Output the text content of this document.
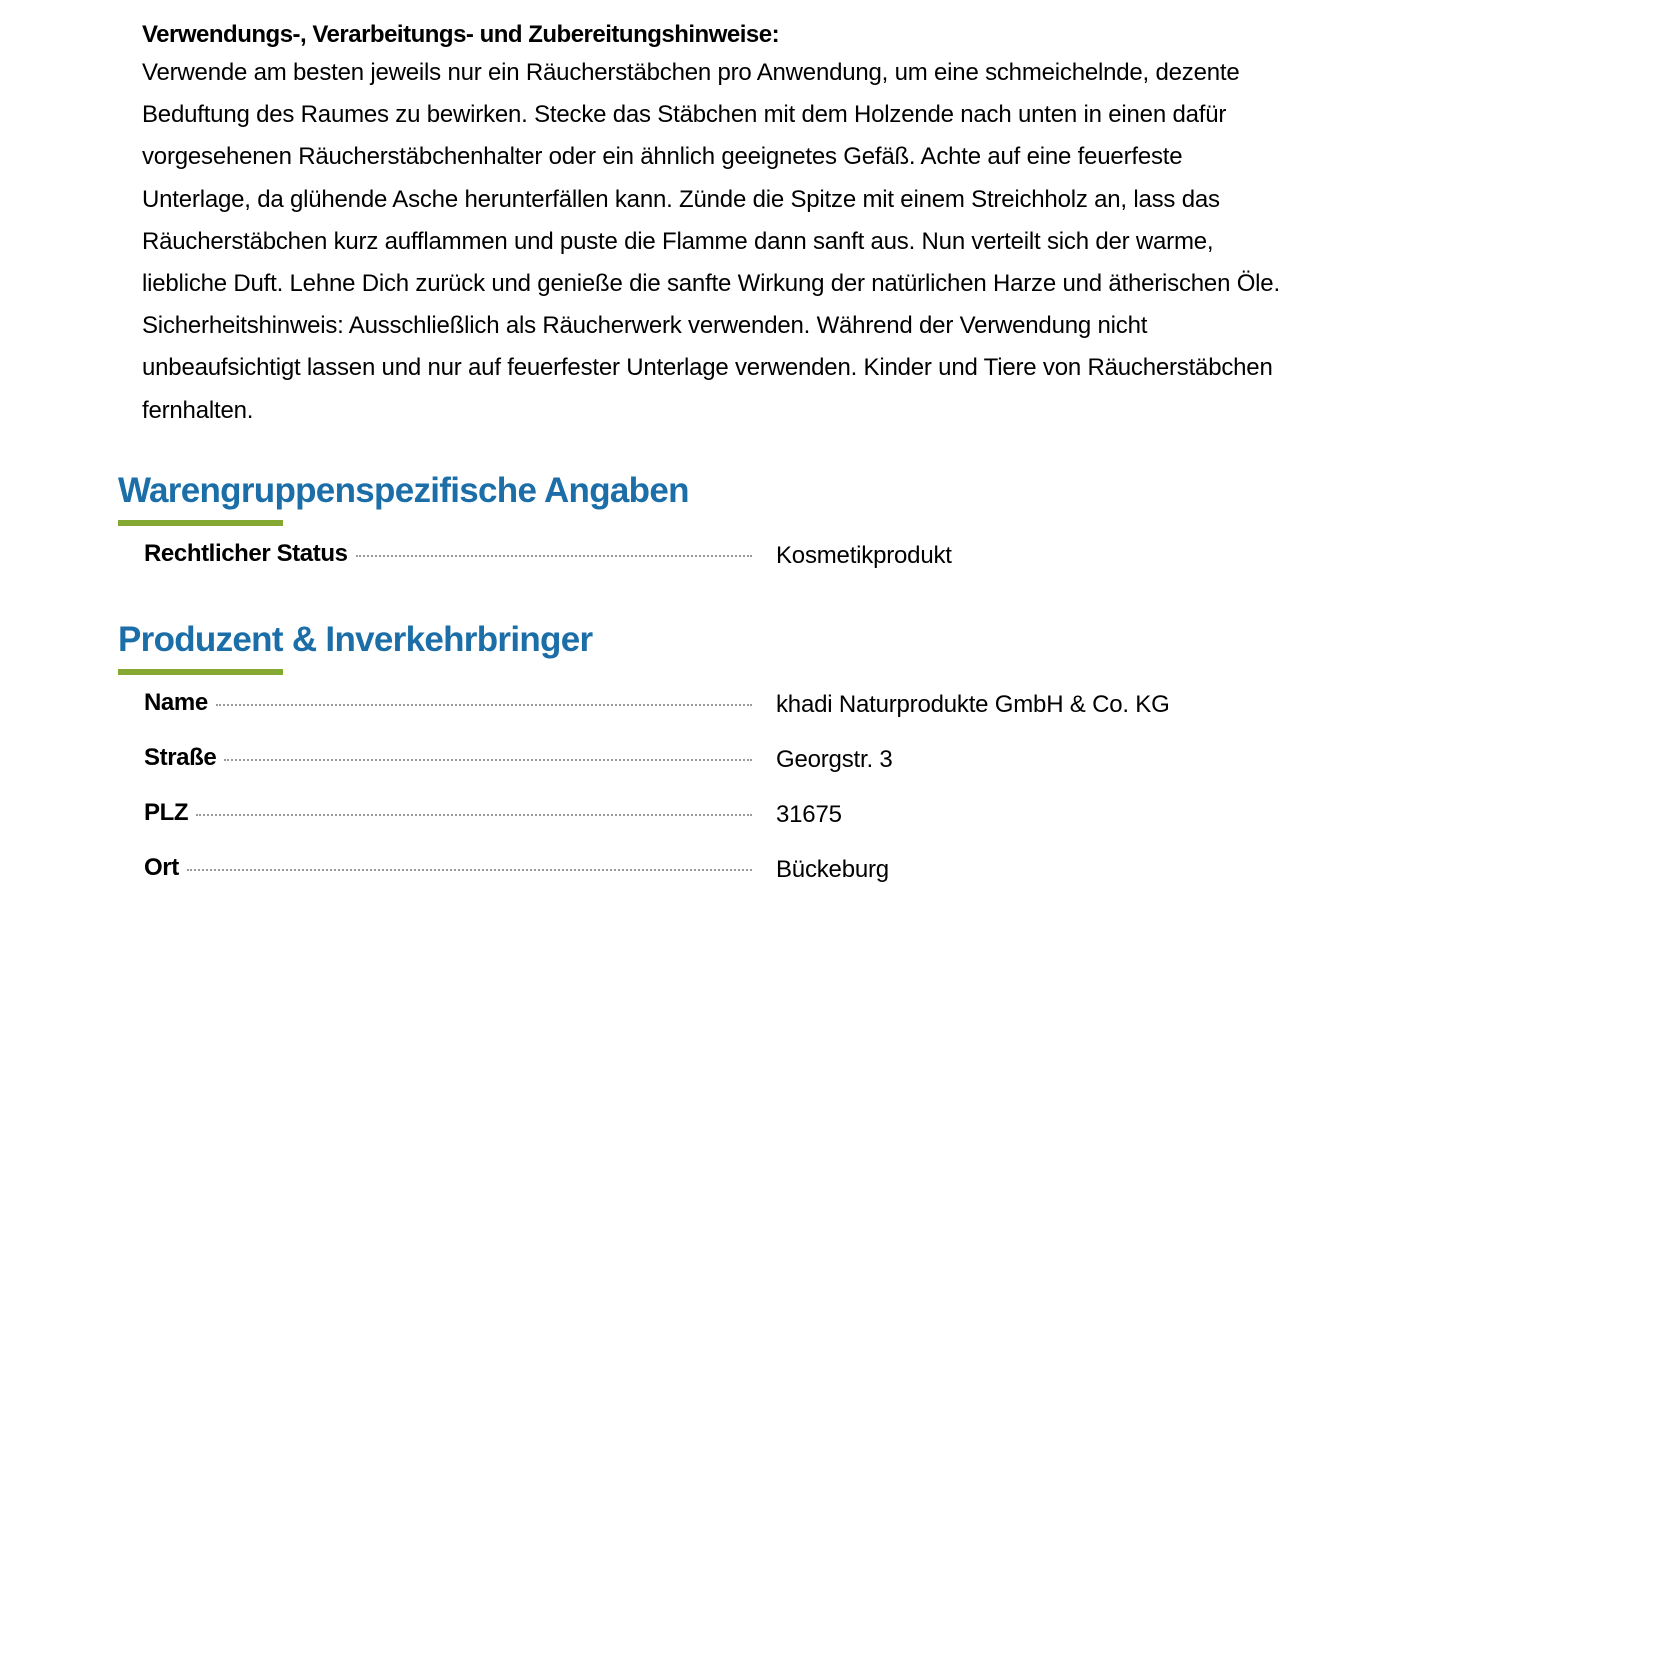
Verwendungs-, Verarbeitungs- und Zubereitungshinweise:
Verwende am besten jeweils nur ein Räucherstäbchen pro Anwendung, um eine schmeichelnde, dezente
Beduftung des Raumes zu bewirken. Stecke das Stäbchen mit dem Holzende nach unten in einen dafür
vorgesehenen Räucherstäbchenhalter oder ein ähnlich geeignetes Gefäß. Achte auf eine feuerfeste
Unterlage, da glühende Asche herunterfällen kann. Zünde die Spitze mit einem Streichholz an, lass das
Räucherstäbchen kurz aufflammen und puste die Flamme dann sanft aus. Nun verteilt sich der warme,
liebliche Duft. Lehne Dich zurück und genieße die sanfte Wirkung der natürlichen Harze und ätherischen Öle.
Sicherheitshinweis: Ausschließlich als Räucherwerk verwenden. Während der Verwendung nicht
unbeaufsichtigt lassen und nur auf feuerfester Unterlage verwenden. Kinder und Tiere von Räucherstäbchen
fernhalten.
Warengruppenspezifische Angaben
Rechtlicher Status	Kosmetikprodukt
Produzent & Inverkehrbringer
Name	khadi Naturprodukte GmbH & Co. KG
Straße	Georgstr. 3
PLZ	31675
Ort	Bückeburg
